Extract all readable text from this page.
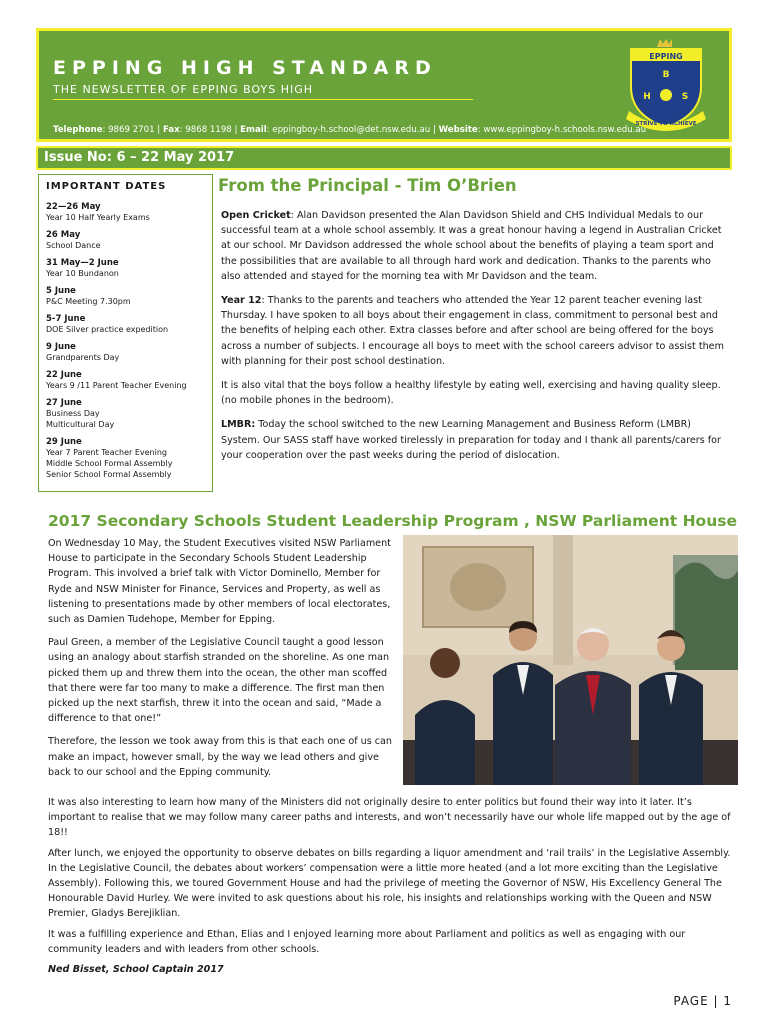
EPPING HIGH STANDARD
THE NEWSLETTER OF EPPING BOYS HIGH
Telephone: 9869 2701 | Fax: 9868 1198 | Email: eppingboy-h.school@det.nsw.edu.au | Website: www.eppingboy-h.schools.nsw.edu.au
EPPING
B
H	S
STRIVE TO ACHIEVE
Issue No: 6 – 22 May 2017
IMPORTANT DATES
22—26 May
Year 10 Half Yearly Exams
26 May
School Dance
31 May—2 June
Year 10 Bundanon
5 June
P&C Meeting 7.30pm
5-7 June
DOE Silver practice expedition
9 June
Grandparents Day
22 June
Years 9 /11 Parent Teacher Evening
27 June
Business Day
Multicultural Day
29 June
Year 7 Parent Teacher Evening
Middle School Formal Assembly
Senior School Formal Assembly
From the Principal - Tim O’Brien

Open Cricket: Alan Davidson presented the Alan Davidson Shield and CHS Individual Medals to our successful team at a whole school assembly. It was a great honour having a legend in Australian Cricket at our school. Mr Davidson addressed the whole school about the benefits of playing a team sport and the possibilities that are available to all through hard work and dedication. Thanks to the parents who also attended and stayed for the morning tea with Mr Davidson and the team.

Year 12: Thanks to the parents and teachers who attended the Year 12 parent teacher evening last Thursday. I have spoken to all boys about their engagement in class, commitment to personal best and the benefits of helping each other. Extra classes before and after school are being offered for the boys across a number of subjects. I encourage all boys to meet with the school careers advisor to assist them with planning for their post school destination.

It is also vital that the boys follow a healthy lifestyle by eating well, exercising and having quality sleep. (no mobile phones in the bedroom).

LMBR: Today the school switched to the new Learning Management and Business Reform (LMBR) System. Our SASS staff have worked tirelessly in preparation for today and I thank all parents/carers for your cooperation over the past weeks during the period of dislocation.

2017 Secondary Schools Student Leadership Program , NSW Parliament House

On Wednesday 10 May, the Student Executives visited NSW Parliament House to participate in the Secondary Schools Student Leadership Program. This involved a brief talk with Victor Dominello, Member for Ryde and NSW Minister for Finance, Services and Property, as well as listening to presentations made by other members of local electorates, such as Damien Tudehope, Member for Epping.

Paul Green, a member of the Legislative Council taught a good lesson using an analogy about starfish stranded on the shoreline. As one man picked them up and threw them into the ocean, the other man scoffed that there were far too many to make a difference. The first man then picked up the next starfish, threw it into the ocean and said, “Made a difference to that one!”

Therefore, the lesson we took away from this is that each one of us can make an impact, however small, by the way we lead others and give back to our school and the Epping community.

It was also interesting to learn how many of the Ministers did not originally desire to enter politics but found their way into it later. It’s important to realise that we may follow many career paths and interests, and won’t necessarily have our whole life mapped out by the age of 18!!

After lunch, we enjoyed the opportunity to observe debates on bills regarding a liquor amendment and ‘rail trails’ in the Legislative Assembly. In the Legislative Council, the debates about workers’ compensation were a little more heated (and a lot more exciting than the Legislative Assembly). Following this, we toured Government House and had the privilege of meeting the Governor of NSW, His Excellency General The Honourable David Hurley. We were invited to ask questions about his role, his insights and relationships working with the Queen and NSW Premier, Gladys Berejiklian.

It was a fulfilling experience and Ethan, Elias and I enjoyed learning more about Parliament and politics as well as engaging with our community leaders and with leaders from other schools.

Ned Bisset, School Captain 2017

PAGE | 1
